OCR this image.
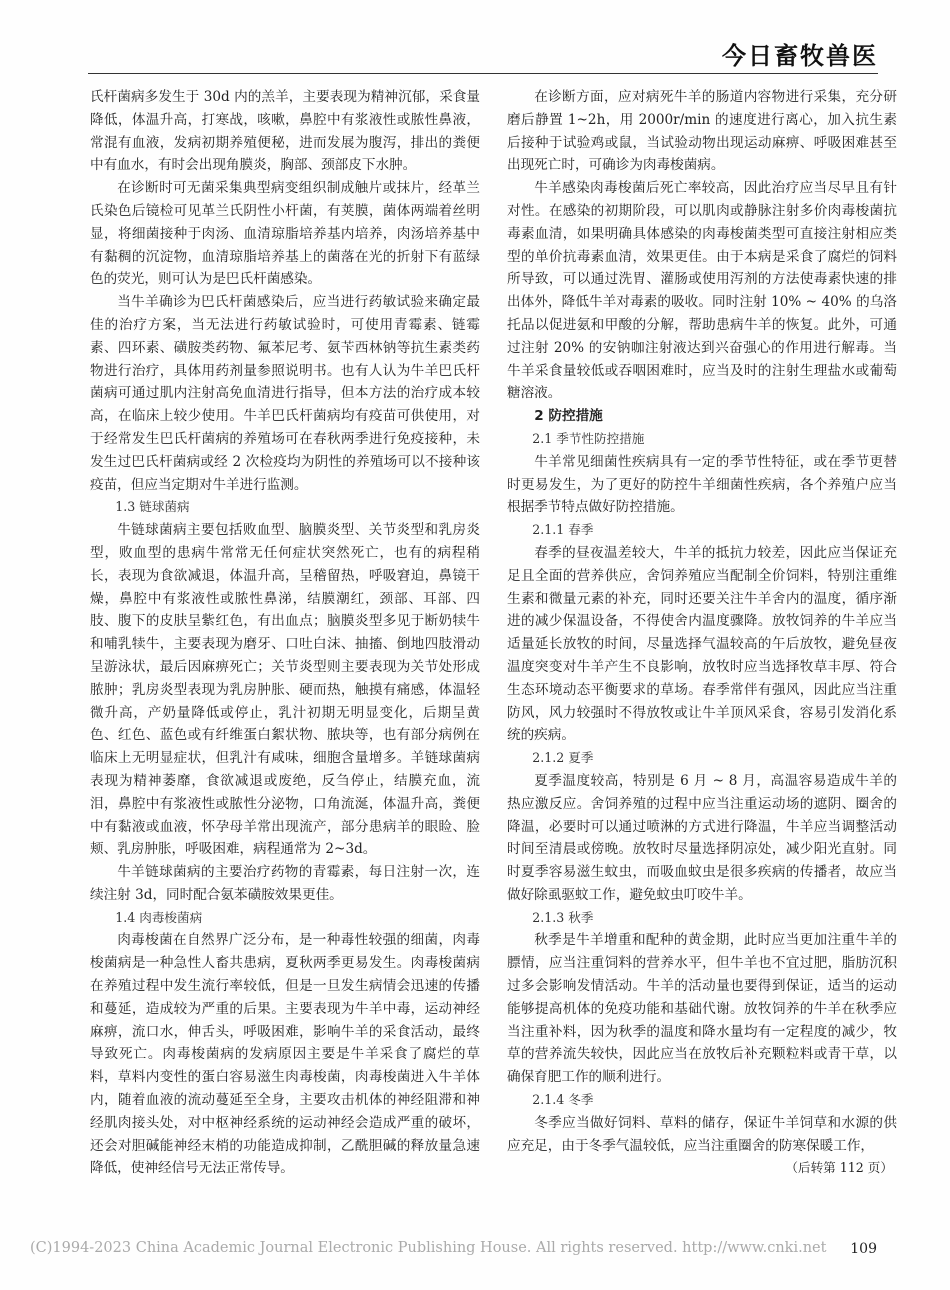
今日畜牧兽医

氏杆菌病多发生于 30d 内的羔羊，主要表现为精神沉郁，采食量降低，体温升高，打寒战，咳嗽，鼻腔中有浆液性或脓性鼻液，常混有血液，发病初期养殖便秘，进而发展为腹泻，排出的粪便中有血水，有时会出现角膜炎，胸部、颈部皮下水肿。

在诊断时可无菌采集典型病变组织制成触片或抹片，经革兰氏染色后镜检可见革兰氏阴性小杆菌，有荚膜，菌体两端着丝明显，将细菌接种于肉汤、血清琼脂培养基内培养，肉汤培养基中有黏稠的沉淀物，血清琼脂培养基上的菌落在光的折射下有蓝绿色的荧光，则可认为是巴氏杆菌感染。

当牛羊确诊为巴氏杆菌感染后，应当进行药敏试验来确定最佳的治疗方案，当无法进行药敏试验时，可使用青霉素、链霉素、四环素、磺胺类药物、氟苯尼考、氨苄西林钠等抗生素类药物进行治疗，具体用药剂量参照说明书。也有人认为牛羊巴氏杆菌病可通过肌内注射高免血清进行指导，但本方法的治疗成本较高，在临床上较少使用。牛羊巴氏杆菌病均有疫苗可供使用，对于经常发生巴氏杆菌病的养殖场可在春秋两季进行免疫接种，未发生过巴氏杆菌病或经 2 次检疫均为阴性的养殖场可以不接种该疫苗，但应当定期对牛羊进行监测。

1.3 链球菌病

牛链球菌病主要包括败血型、脑膜炎型、关节炎型和乳房炎型，败血型的患病牛常常无任何症状突然死亡，也有的病程稍长，表现为食欲减退，体温升高，呈稽留热，呼吸窘迫，鼻镜干燥，鼻腔中有浆液性或脓性鼻涕，结膜潮红，颈部、耳部、四肢、腹下的皮肤呈紫红色，有出血点；脑膜炎型多见于断奶犊牛和哺乳犊牛，主要表现为磨牙、口吐白沫、抽搐、倒地四肢滑动呈游泳状，最后因麻痹死亡；关节炎型则主要表现为关节处形成脓肿；乳房炎型表现为乳房肿胀、硬而热，触摸有痛感，体温轻微升高，产奶量降低或停止，乳汁初期无明显变化，后期呈黄色、红色、蓝色或有纤维蛋白絮状物、脓块等，也有部分病例在临床上无明显症状，但乳汁有咸味，细胞含量增多。羊链球菌病表现为精神萎靡，食欲减退或废绝，反刍停止，结膜充血，流泪，鼻腔中有浆液性或脓性分泌物，口角流涎，体温升高，粪便中有黏液或血液，怀孕母羊常出现流产，部分患病羊的眼睑、脸颊、乳房肿胀，呼吸困难，病程通常为 2~3d。

牛羊链球菌病的主要治疗药物的青霉素，每日注射一次，连续注射 3d，同时配合氨苯磺胺效果更佳。

1.4 肉毒梭菌病

肉毒梭菌在自然界广泛分布，是一种毒性较强的细菌，肉毒梭菌病是一种急性人畜共患病，夏秋两季更易发生。肉毒梭菌病在养殖过程中发生流行率较低，但是一旦发生病情会迅速的传播和蔓延，造成较为严重的后果。主要表现为牛羊中毒，运动神经麻痹，流口水，伸舌头，呼吸困难，影响牛羊的采食活动，最终导致死亡。肉毒梭菌病的发病原因主要是牛羊采食了腐烂的草料，草料内变性的蛋白容易滋生肉毒梭菌，肉毒梭菌进入牛羊体内，随着血液的流动蔓延至全身，主要攻击机体的神经阻滞和神经肌肉接头处，对中枢神经系统的运动神经会造成严重的破坏，还会对胆碱能神经末梢的功能造成抑制，乙酰胆碱的释放量急速降低，使神经信号无法正常传导。

在诊断方面，应对病死牛羊的肠道内容物进行采集，充分研磨后静置 1~2h，用 2000r/min 的速度进行离心，加入抗生素后接种于试验鸡或鼠，当试验动物出现运动麻痹、呼吸困难甚至出现死亡时，可确诊为肉毒梭菌病。

牛羊感染肉毒梭菌后死亡率较高，因此治疗应当尽早且有针对性。在感染的初期阶段，可以肌肉或静脉注射多价肉毒梭菌抗毒素血清，如果明确具体感染的肉毒梭菌类型可直接注射相应类型的单价抗毒素血清，效果更佳。由于本病是采食了腐烂的饲料所导致，可以通过洗胃、灌肠或使用泻剂的方法使毒素快速的排出体外，降低牛羊对毒素的吸收。同时注射 10% ~ 40% 的乌洛托品以促进氨和甲酸的分解，帮助患病牛羊的恢复。此外，可通过注射 20% 的安钠咖注射液达到兴奋强心的作用进行解毒。当牛羊采食量较低或吞咽困难时，应当及时的注射生理盐水或葡萄糖溶液。

2 防控措施

2.1 季节性防控措施

牛羊常见细菌性疾病具有一定的季节性特征，或在季节更替时更易发生，为了更好的防控牛羊细菌性疾病，各个养殖户应当根据季节特点做好防控措施。

2.1.1 春季

春季的昼夜温差较大，牛羊的抵抗力较差，因此应当保证充足且全面的营养供应，舍饲养殖应当配制全价饲料，特别注重维生素和微量元素的补充，同时还要关注牛羊舍内的温度，循序渐进的减少保温设备，不得使舍内温度骤降。放牧饲养的牛羊应当适量延长放牧的时间，尽量选择气温较高的午后放牧，避免昼夜温度突变对牛羊产生不良影响，放牧时应当选择牧草丰厚、符合生态环境动态平衡要求的草场。春季常伴有强风，因此应当注重防风，风力较强时不得放牧或让牛羊顶风采食，容易引发消化系统的疾病。

2.1.2 夏季

夏季温度较高，特别是 6 月 ~ 8 月，高温容易造成牛羊的热应激反应。舍饲养殖的过程中应当注重运动场的遮阴、圈舍的降温，必要时可以通过喷淋的方式进行降温，牛羊应当调整活动时间至清晨或傍晚。放牧时尽量选择阴凉处，减少阳光直射。同时夏季容易滋生蚊虫，而吸血蚊虫是很多疾病的传播者，故应当做好除虱驱蚊工作，避免蚊虫叮咬牛羊。

2.1.3 秋季

秋季是牛羊增重和配种的黄金期，此时应当更加注重牛羊的膘情，应当注重饲料的营养水平，但牛羊也不宜过肥，脂肪沉积过多会影响发情活动。牛羊的活动量也要得到保证，适当的运动能够提高机体的免疫功能和基础代谢。放牧饲养的牛羊在秋季应当注重补料，因为秋季的温度和降水量均有一定程度的减少，牧草的营养流失较快，因此应当在放牧后补充颗粒料或青干草，以确保育肥工作的顺利进行。

2.1.4 冬季

冬季应当做好饲料、草料的储存，保证牛羊饲草和水源的供应充足，由于冬季气温较低，应当注重圈舍的防寒保暖工作，

（后转第 112 页）

(C)1994-2023 China Academic Journal Electronic Publishing House. All rights reserved. http://www.cnki.net 109
